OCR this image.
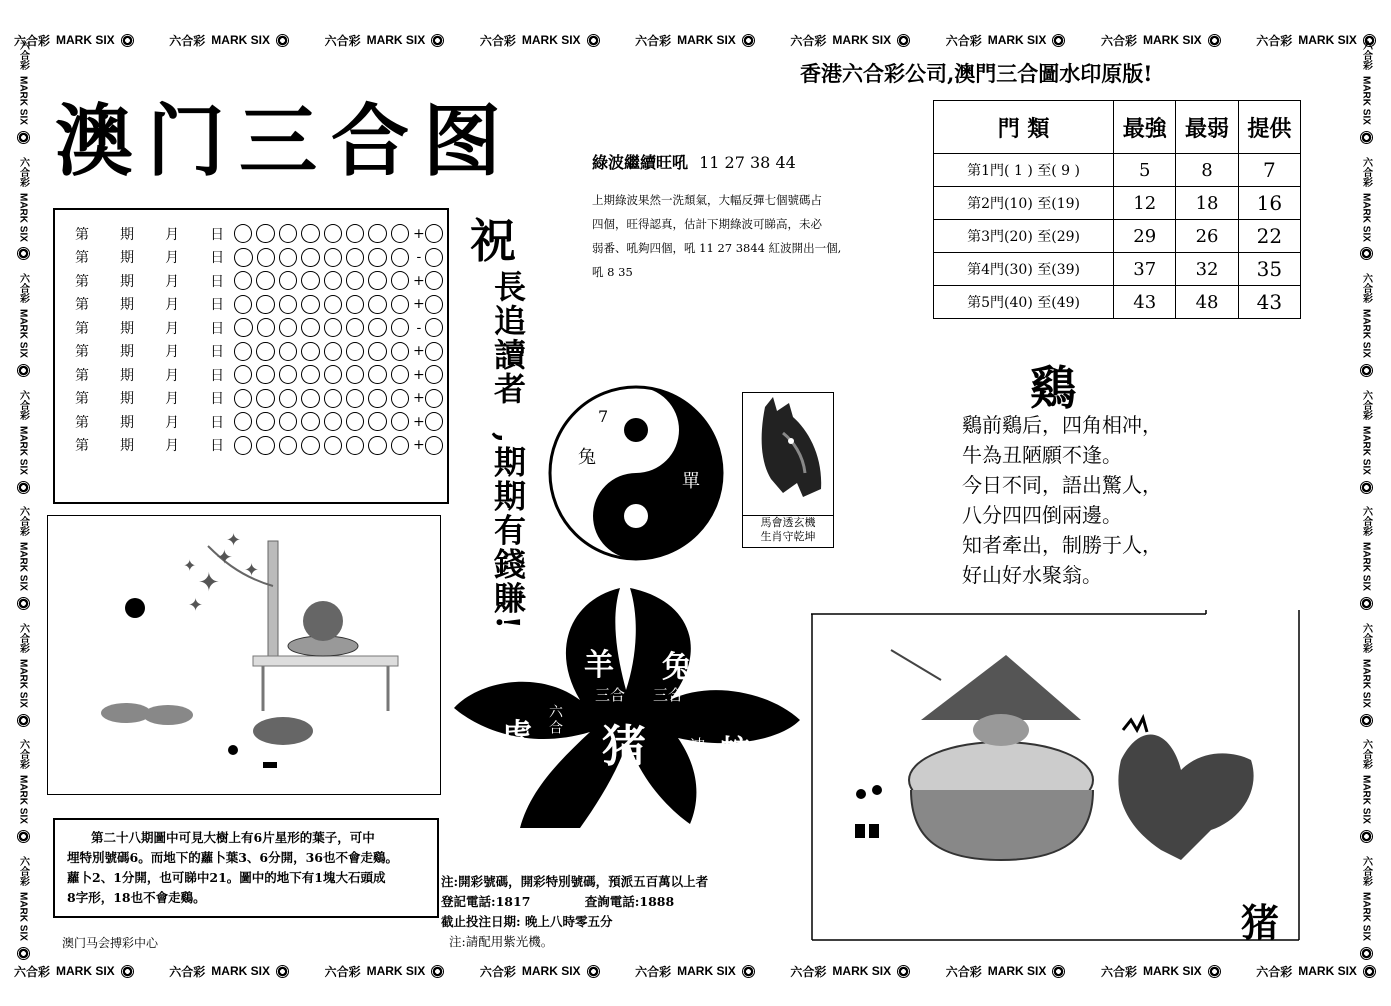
六合彩 MARK SIX	六合彩 MARK SIX	六合彩 MARK SIX	六合彩 MARK SIX	六合彩 MARK SIX	六合彩 MARK SIX	六合彩 MARK SIX	六合彩 MARK SIX	六合彩 MARK SIX
六合彩 MARK SIX	六合彩 MARK SIX	六合彩 MARK SIX	六合彩 MARK SIX	六合彩 MARK SIX	六合彩 MARK SIX	六合彩 MARK SIX	六合彩 MARK SIX	六合彩 MARK SIX
六合彩
MARK SIX
六合彩
MARK SIX
六合彩
MARK SIX
六合彩
MARK SIX
六合彩
MARK SIX
六合彩
MARK SIX
六合彩
MARK SIX
六合彩
MARK SIX
六合彩
MARK SIX
六合彩
MARK SIX
六合彩
MARK SIX
六合彩
MARK SIX
六合彩
MARK SIX
六合彩
MARK SIX
六合彩
MARK SIX
六合彩
MARK SIX
澳门三合图
香港六合彩公司,澳門三合圖水印原版!
第 期 月 日	+
第 期 月 日	-
第 期 月 日	+
第 期 月 日	+
第 期 月 日	-
第 期 月 日	+
第 期 月 日	+
第 期 月 日	+
第 期 月 日	+
第 期 月 日	+
祝
長追讀者
,期期有錢賺!
綠波繼續旺吼 11 27 38 44
上期綠波果然一洗頹氣，大幅反彈七個號碼占
四個，旺得認真，估計下期綠波可睇高，未必
弱番、吼夠四個，吼 11 27 3844 紅波開出一個,
吼 8 35
門 類	最強	最弱	提供
第1門( 1 ) 至( 9 )	5	8	7
第2門(10) 至(19)	12	18	16
第3門(20) 至(29)	29	26	22
第4門(30) 至(39)	37	32	35
第5門(40) 至(49)	43	48	43
鷄
鷄前鷄后，四角相冲，
牛為丑陋願不逢。
今日不同，語出驚人，
八分四四倒兩邊。
知者牽出，制勝于人，
好山好水聚翁。
7
兔
大 單
馬會透玄機
生肖守乾坤
羊 兔
虎	蛇
猪
三合 三合
六合
冲
✦
✦
✦
✦
✦
✦
第二十八期圖中可見大樹上有6片星形的葉子，可中
埋特別號碼6。而地下的蘿卜葉3、6分開，36也不會走鷄。
蘿卜2、1分開，也可睇中21。圖中的地下有1塊大石頭成
8字形，18也不會走鷄。
澳门马会搏彩中心
注:開彩號碼，開彩特別號碼，預派五百萬以上者
登記電話:1817	查詢電話:1888
截止投注日期: 晚上八時零五分
注:請配用紫光機。	猪
